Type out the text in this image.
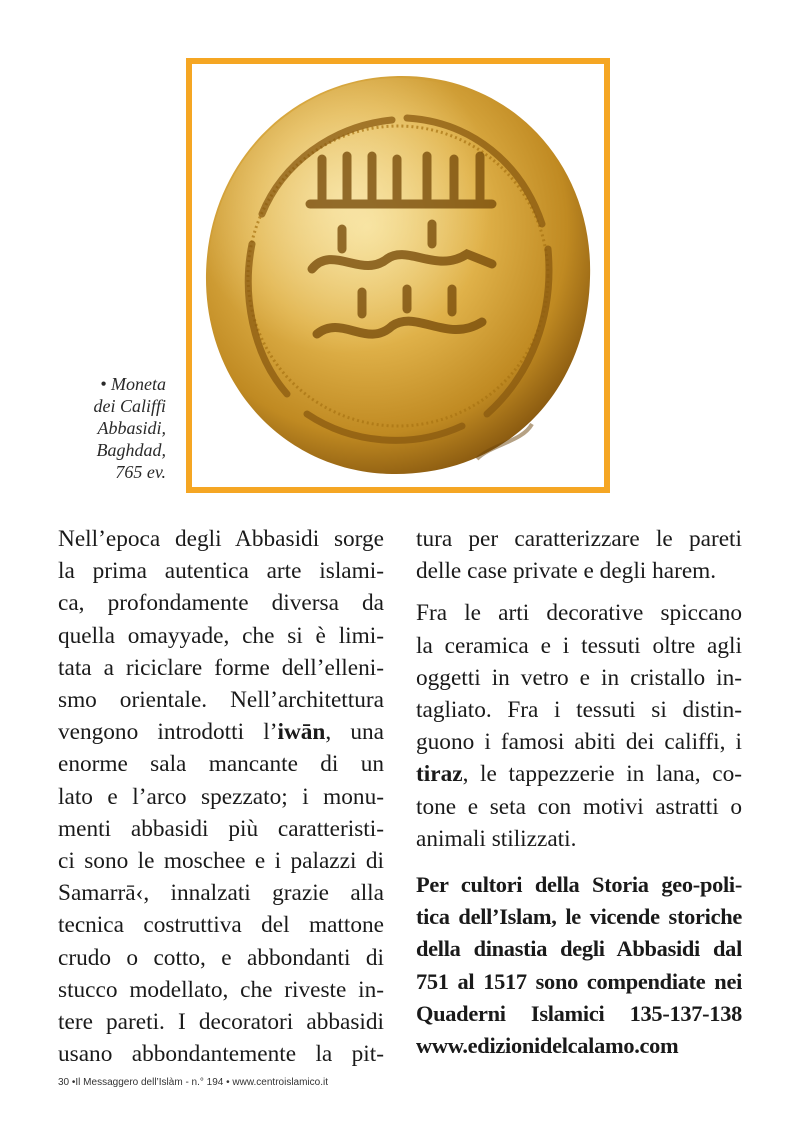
• Moneta
dei Califfi
Abbasidi,
Baghdad,
765 ev.

Nell’epoca degli Abbasidi sorge
la prima autentica arte islami-
ca, profondamente diversa da
quella omayyade, che si è limi-
tata a riciclare forme dell’elleni-
smo orientale. Nell’architettura
vengono introdotti l’iwān, una
enorme sala mancante di un
lato e l’arco spezzato; i monu-
menti abbasidi più caratteristi-
ci sono le moschee e i palazzi di
Samarrā‹, innalzati grazie alla
tecnica costruttiva del mattone
crudo o cotto, e abbondanti di
stucco modellato, che riveste in-
tere pareti. I decoratori abbasidi
usano abbondantemente la pit-

tura per caratterizzare le pareti
delle case private e degli harem.

Fra le arti decorative spiccano
la ceramica e i tessuti oltre agli
oggetti in vetro e in cristallo in-
tagliato. Fra i tessuti si distin-
guono i famosi abiti dei califfi, i
tiraz, le tappezzerie in lana, co-
tone e seta con motivi astratti o
animali stilizzati.

Per cultori della Storia geo-poli-
tica dell’Islam, le vicende storiche
della dinastia degli Abbasidi dal
751 al 1517 sono compendiate nei
Quaderni Islamici 135-137-138
www.edizionidelcalamo.com

30 •Il Messaggero dell’Islàm - n.° 194 • www.centroislamico.it
